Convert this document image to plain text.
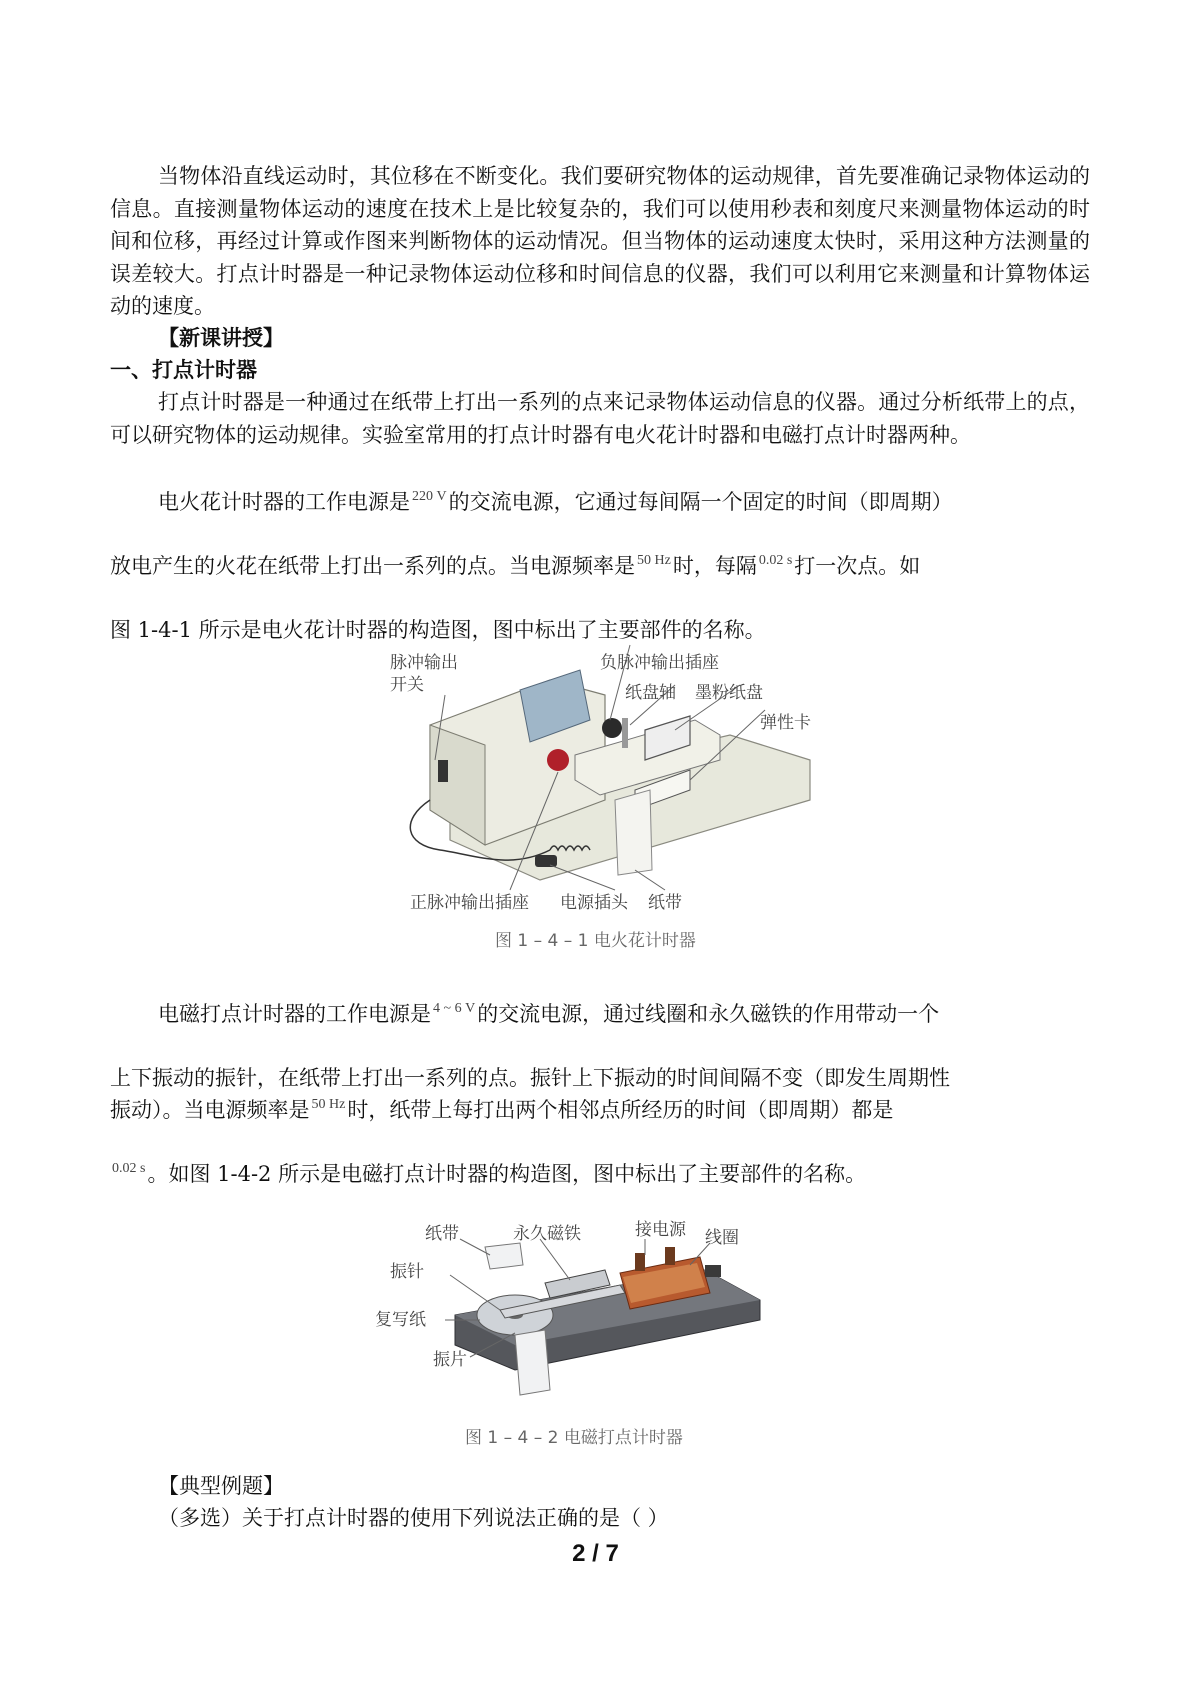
当物体沿直线运动时，其位移在不断变化。我们要研究物体的运动规律，首先要准确记录物体运动的信息。直接测量物体运动的速度在技术上是比较复杂的，我们可以使用秒表和刻度尺来测量物体运动的时间和位移，再经过计算或作图来判断物体的运动情况。但当物体的运动速度太快时，采用这种方法测量的误差较大。打点计时器是一种记录物体运动位移和时间信息的仪器，我们可以利用它来测量和计算物体运动的速度。

【新课讲授】

一、打点计时器

打点计时器是一种通过在纸带上打出一系列的点来记录物体运动信息的仪器。通过分析纸带上的点，可以研究物体的运动规律。实验室常用的打点计时器有电火花计时器和电磁打点计时器两种。

电火花计时器的工作电源是 $^{220 V}$的交流电源，它通过每间隔一个固定的时间（即周期）

放电产生的火花在纸带上打出一系列的点。当电源频率是 $^{50 Hz}$时，每隔 $^{0.02 s}$打一次点。如

图 1-4-1 所示是电火花计时器的构造图，图中标出了主要部件的名称。

脉冲输出
开关
负脉冲输出插座
纸盘轴 墨粉纸盘
弹性卡
正脉冲输出插座 电源插头 纸带
图 1 – 4 – 1 电火花计时器

电磁打点计时器的工作电源是 $^{4 \sim 6 V}$的交流电源，通过线圈和永久磁铁的作用带动一个

上下振动的振针，在纸带上打出一系列的点。振针上下振动的时间间隔不变（即发生周期性

振动）。当电源频率是 $^{50 Hz}$时，纸带上每打出两个相邻点所经历的时间（即周期）都是

$^{0.02 s}$。如图 1-4-2 所示是电磁打点计时器的构造图，图中标出了主要部件的名称。

纸带	永久磁铁	接电源 线圈
振针
复写纸
振片
图 1 – 4 – 2 电磁打点计时器

【典型例题】

（多选）关于打点计时器的使用下列说法正确的是（ ）

2 / 7
